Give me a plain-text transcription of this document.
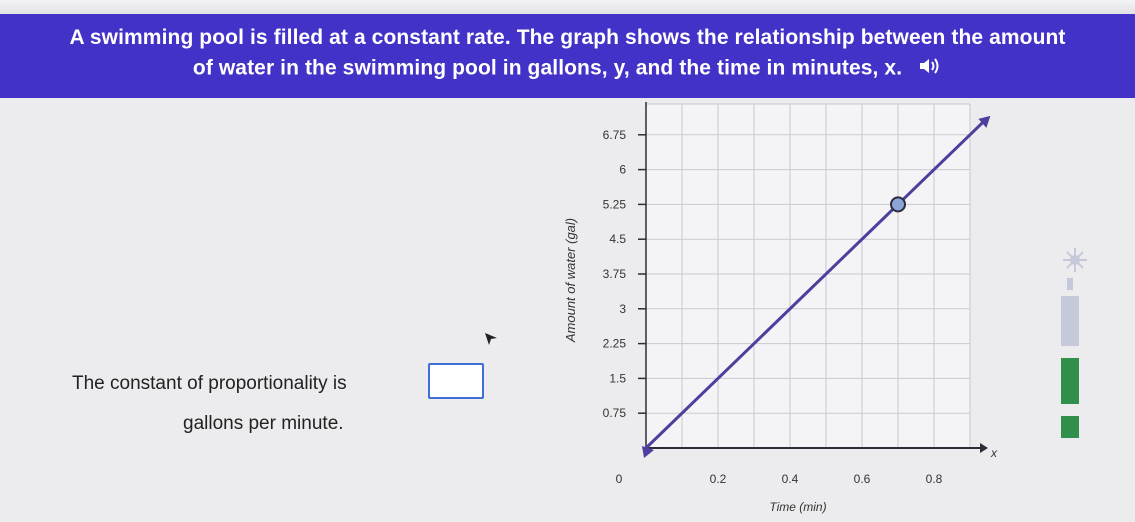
A swimming pool is filled at a constant rate. The graph shows the relationship between the amount
of water in the swimming pool in gallons, y, and the time in minutes, x.
0.75
1.5
2.25
3
3.75
4.5
5.25
6
6.75
0.2	0.4	0.6	0.8
Time (min)
Amount of water (gal)
x
0
The constant of proportionality is
gallons per minute.
